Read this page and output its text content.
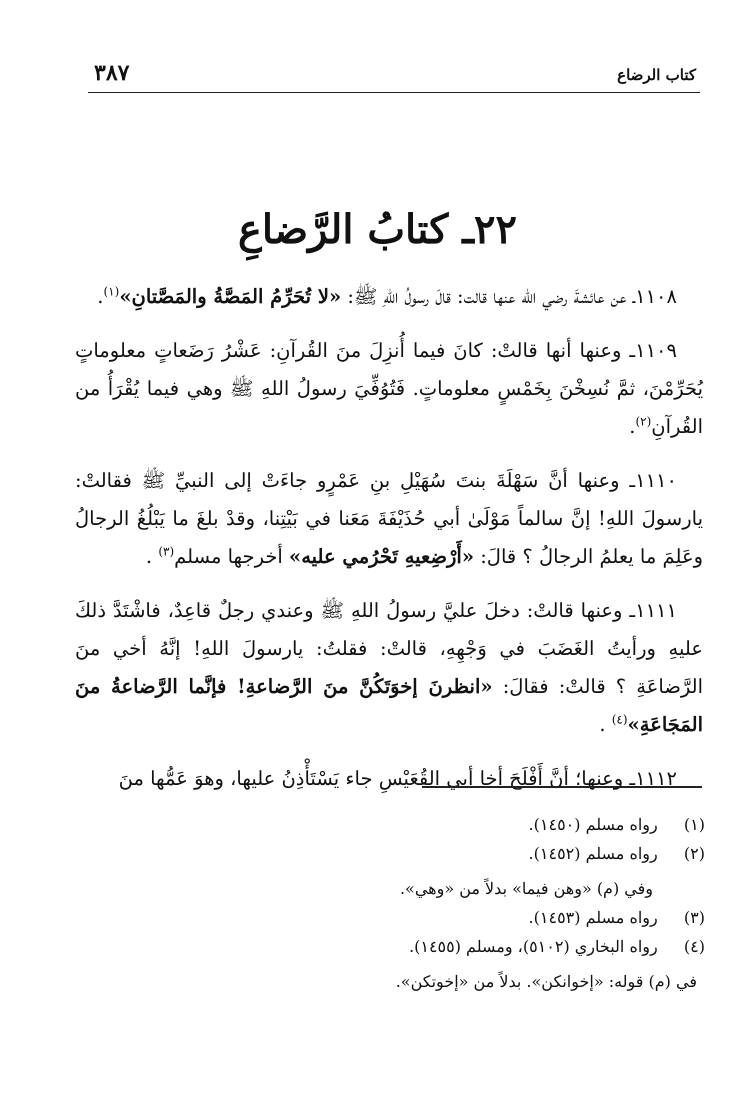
٣٨٧	كتاب الرضاع
٢٢ـ كتابُ الرَّضاعِ

١١٠٨ـ عن عائشةَ رضي الله عنها قالت: قالَ رسولُ اللهِ ﷺ: «لا تُحَرِّمُ المَصَّةُ والمَصَّتانِ»$^{(١)}$.

١١٠٩ـ وعنها أنها قالتْ: كانَ فيما أُنزِلَ منَ القُرآنِ: عَشْرُ رَضَعاتٍ معلوماتٍ يُحَرِّمْنَ، ثمَّ نُسِخْنَ بِخَمْسٍ معلوماتٍ. فَتُوُفِّيَ رسولُ اللهِ ﷺ وهي فيما يُقْرَأُ من القُرآنِ$^{(٢)}$.

١١١٠ـ وعنها أنَّ سَهْلَةَ بنتَ سُهَيْلِ بنِ عَمْرٍو جاءَتْ إلى النبيِّ ﷺ فقالتْ: يارسولَ اللهِ! إنَّ سالماً مَوْلَىٰ أبي حُذَيْفَةَ مَعَنا في بَيْتِنا، وقدْ بلغَ ما يَبْلُغُ الرجالُ وعَلِمَ ما يعلمُ الرجالُ ؟ قالَ: «أَرْضِعيهِ تَحْرُمي عليه» أخرجها مسلم$^{(٣)}$ .

١١١١ـ وعنها قالتْ: دخلَ عليَّ رسولُ اللهِ ﷺ وعندي رجلٌ قاعِدٌ، فاشْتَدَّ ذلكَ عليهِ ورأيتُ الغَضَبَ في وَجْهِهِ، قالتْ: فقلتُ: يارسولَ اللهِ! إنَّهُ أخي منَ الرَّضاعَةِ ؟ قالتْ: فقالَ: «انظرنَ إخوَتَكُنَّ منَ الرَّضاعةِ! فإنَّما الرَّضاعةُ منَ المَجَاعَةِ»$^{(٤)}$ .

١١١٢ـ وعنها؛ أنَّ أَفْلَحَ أخا أبي القُعَيْسِ جاء يَسْتَأْذِنُ عليها، وهوَ عَمُّها منَ

(١)   رواه مسلم (١٤٥٠).

(٢)   رواه مسلم (١٤٥٢).

وفي (م) «وهن فيما» بدلاً من «وهي».

(٣)   رواه مسلم (١٤٥٣).

(٤)   رواه البخاري (٥١٠٢)، ومسلم (١٤٥٥).

في (م) قوله: «إخوانكن». بدلاً من «إخوتكن».
